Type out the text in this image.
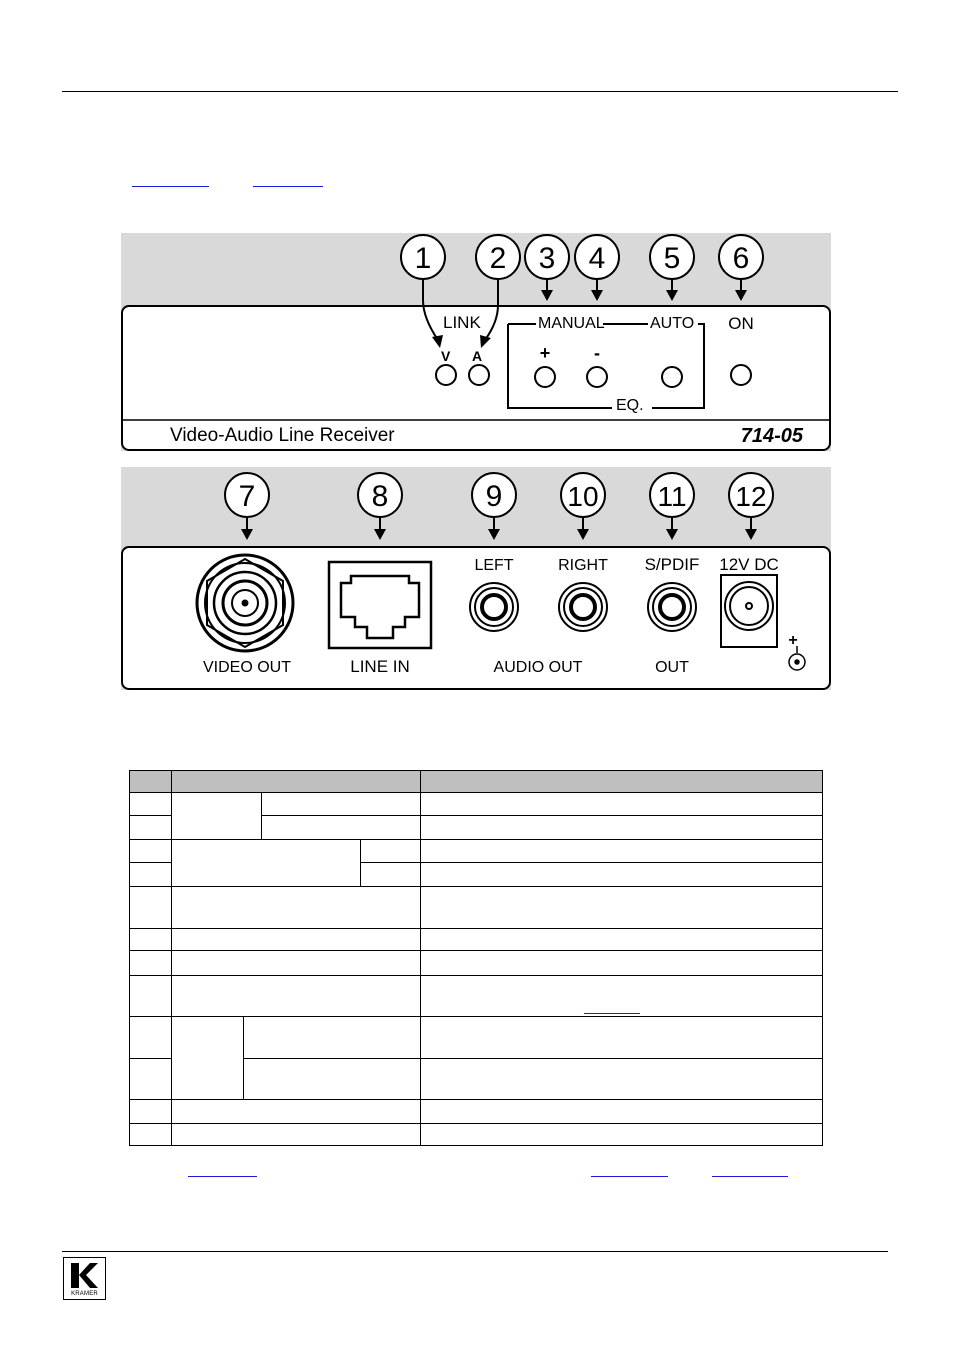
1 2 3 4 5 6
LINK
V A
MANUAL	AUTO
EQ.
+ -
ON
Video-Audio Line Receiver	714-05
7	8	9 10 11 12
VIDEO OUT	LINE IN
LEFT	RIGHT
AUDIO OUT
S/PDIF
OUT
12V DC
+
KRAMER
